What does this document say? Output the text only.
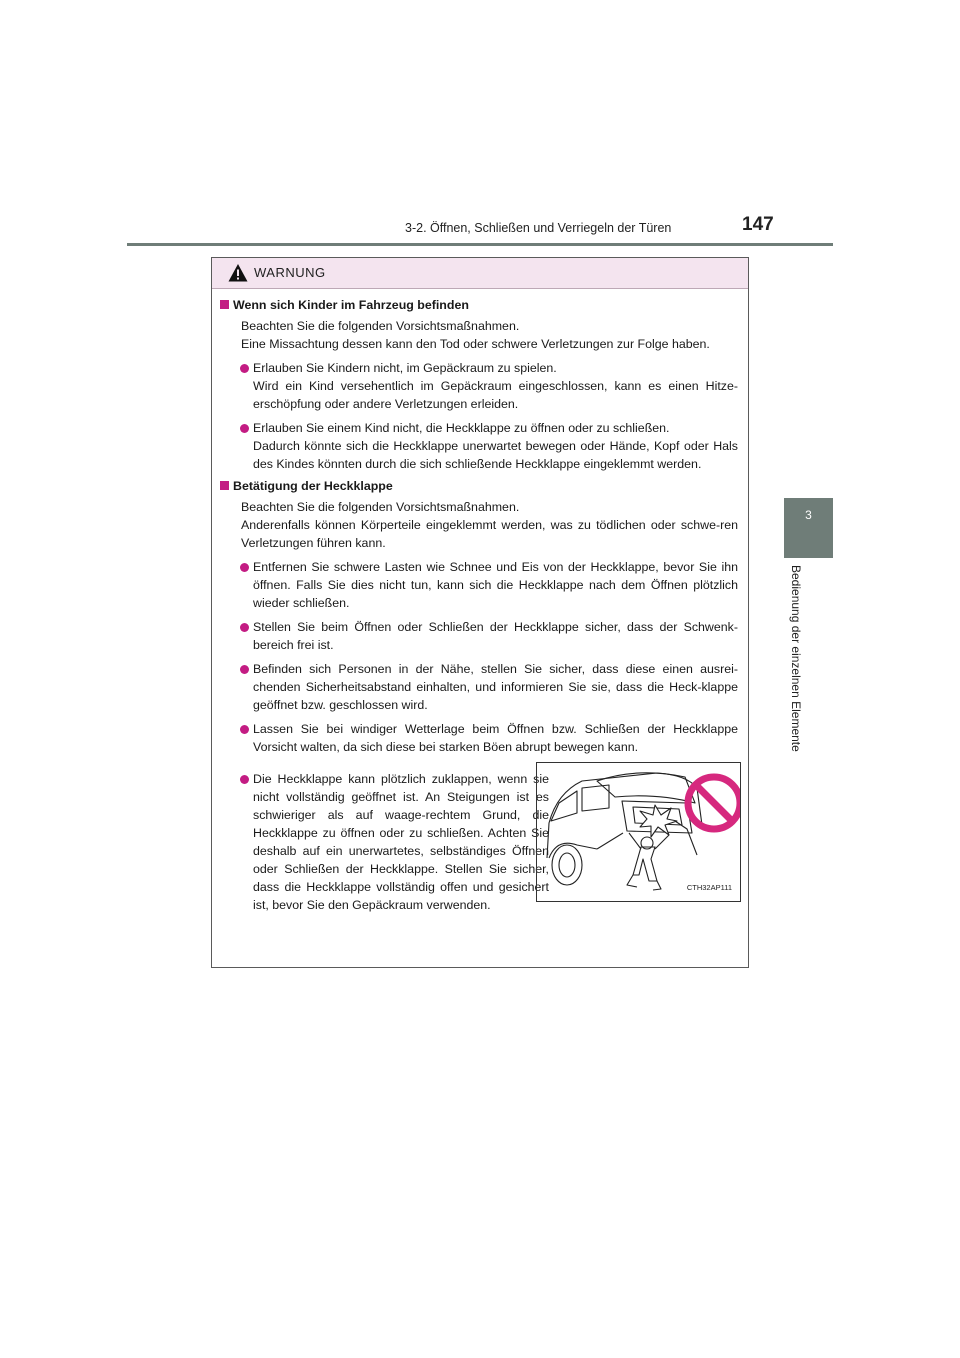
3-2. Öffnen, Schließen und Verriegeln der Türen	147
3
Bedienung der einzelnen Elemente
WARNUNG
Wenn sich Kinder im Fahrzeug befinden
Beachten Sie die folgenden Vorsichtsmaßnahmen.
Eine Missachtung dessen kann den Tod oder schwere Verletzungen zur Folge haben.
Erlauben Sie Kindern nicht, im Gepäckraum zu spielen.
Wird ein Kind versehentlich im Gepäckraum eingeschlossen, kann es einen Hitze-erschöpfung oder andere Verletzungen erleiden.
Erlauben Sie einem Kind nicht, die Heckklappe zu öffnen oder zu schließen.
Dadurch könnte sich die Heckklappe unerwartet bewegen oder Hände, Kopf oder Hals des Kindes könnten durch die sich schließende Heckklappe eingeklemmt werden.
Betätigung der Heckklappe
Beachten Sie die folgenden Vorsichtsmaßnahmen.
Anderenfalls können Körperteile eingeklemmt werden, was zu tödlichen oder schwe-ren Verletzungen führen kann.
Entfernen Sie schwere Lasten wie Schnee und Eis von der Heckklappe, bevor Sie ihn öffnen. Falls Sie dies nicht tun, kann sich die Heckklappe nach dem Öffnen plötzlich wieder schließen.
Stellen Sie beim Öffnen oder Schließen der Heckklappe sicher, dass der Schwenk-bereich frei ist.
Befinden sich Personen in der Nähe, stellen Sie sicher, dass diese einen ausrei-chenden Sicherheitsabstand einhalten, und informieren Sie sie, dass die Heck-klappe geöffnet bzw. geschlossen wird.
Lassen Sie bei windiger Wetterlage beim Öffnen bzw. Schließen der Heckklappe Vorsicht walten, da sich diese bei starken Böen abrupt bewegen kann.
Die Heckklappe kann plötzlich zuklappen, wenn sie nicht vollständig geöffnet ist. An Steigungen ist es schwieriger als auf waage-rechtem Grund, die Heckklappe zu öffnen oder zu schließen. Achten Sie deshalb auf ein unerwartetes, selbständiges Öffnen oder Schließen der Heckklappe. Stellen Sie sicher, dass die Heckklappe vollständig offen und gesichert ist, bevor Sie den Gepäckraum verwenden.
CTH32AP111
